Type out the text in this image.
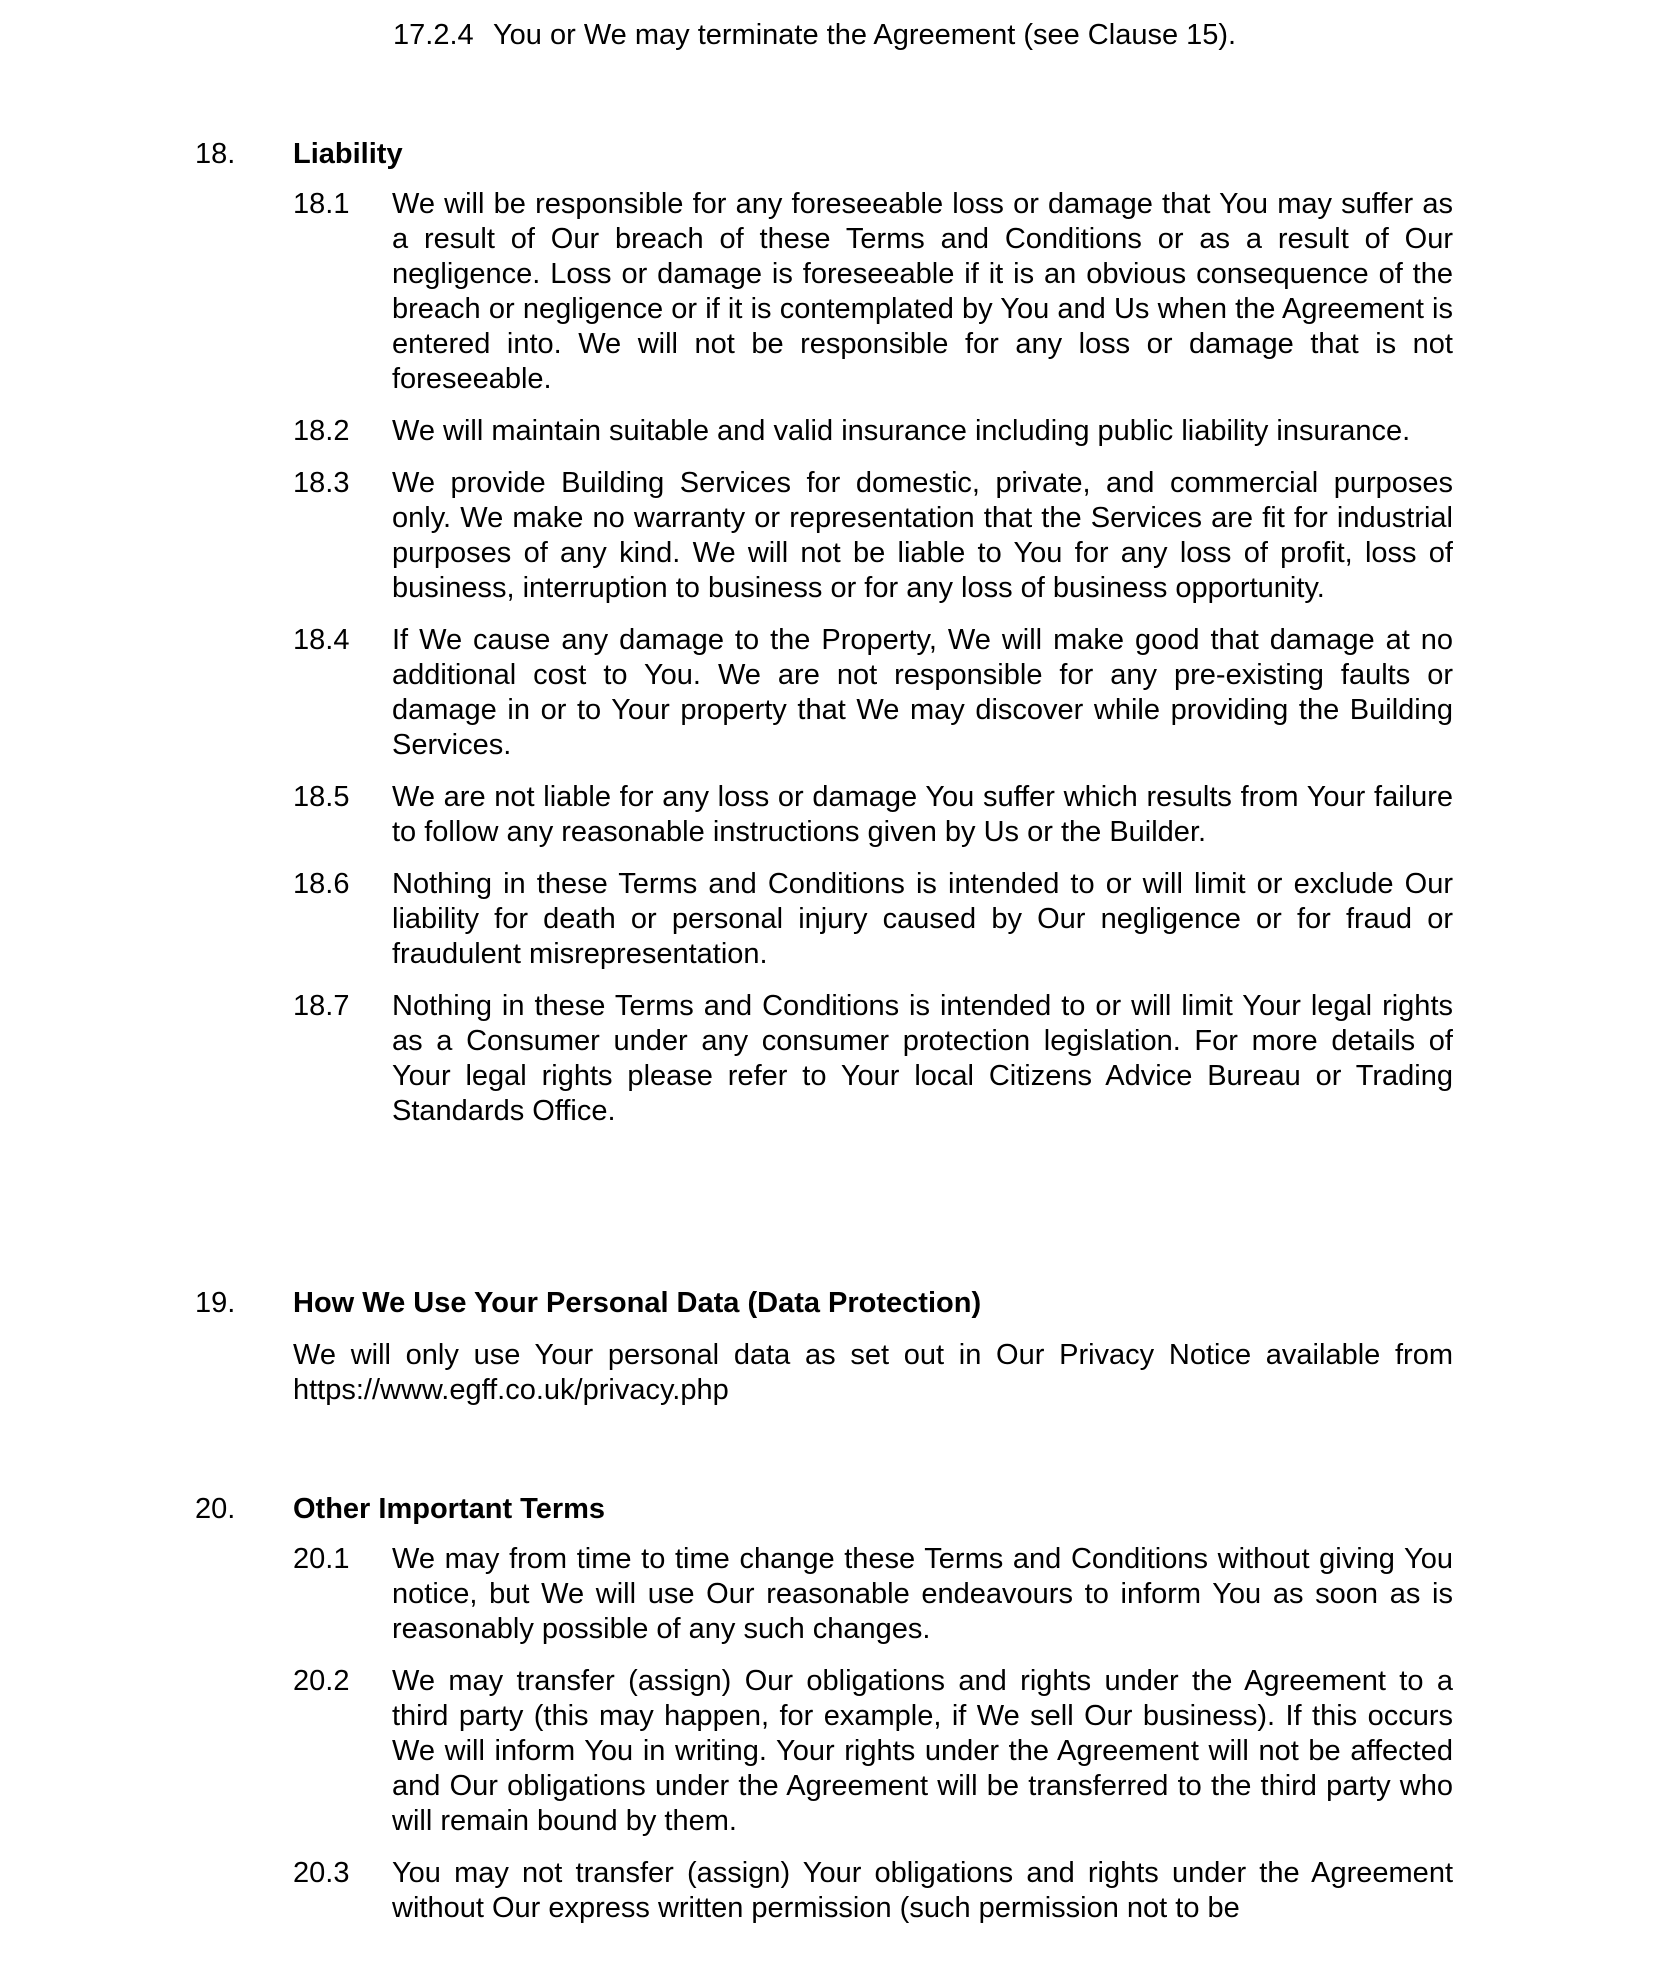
17.2.4 You or We may terminate the Agreement (see Clause 15).
18. Liability
18.1 We will be responsible for any foreseeable loss or damage that You may suffer as a result of Our breach of these Terms and Conditions or as a result of Our negligence. Loss or damage is foreseeable if it is an obvious consequence of the breach or negligence or if it is contemplated by You and Us when the Agreement is entered into. We will not be responsible for any loss or damage that is not foreseeable.
18.2 We will maintain suitable and valid insurance including public liability insurance.
18.3 We provide Building Services for domestic, private, and commercial purposes only. We make no warranty or representation that the Services are fit for industrial purposes of any kind. We will not be liable to You for any loss of profit, loss of business, interruption to business or for any loss of business opportunity.
18.4 If We cause any damage to the Property, We will make good that damage at no additional cost to You. We are not responsible for any pre-existing faults or damage in or to Your property that We may discover while providing the Building Services.
18.5 We are not liable for any loss or damage You suffer which results from Your failure to follow any reasonable instructions given by Us or the Builder.
18.6 Nothing in these Terms and Conditions is intended to or will limit or exclude Our liability for death or personal injury caused by Our negligence or for fraud or fraudulent misrepresentation.
18.7 Nothing in these Terms and Conditions is intended to or will limit Your legal rights as a Consumer under any consumer protection legislation. For more details of Your legal rights please refer to Your local Citizens Advice Bureau or Trading Standards Office.
19. How We Use Your Personal Data (Data Protection)
We will only use Your personal data as set out in Our Privacy Notice available from https://www.egff.co.uk/privacy.php
20. Other Important Terms
20.1 We may from time to time change these Terms and Conditions without giving You notice, but We will use Our reasonable endeavours to inform You as soon as is reasonably possible of any such changes.
20.2 We may transfer (assign) Our obligations and rights under the Agreement to a third party (this may happen, for example, if We sell Our business). If this occurs We will inform You in writing. Your rights under the Agreement will not be affected and Our obligations under the Agreement will be transferred to the third party who will remain bound by them.
20.3 You may not transfer (assign) Your obligations and rights under the Agreement without Our express written permission (such permission not to be
